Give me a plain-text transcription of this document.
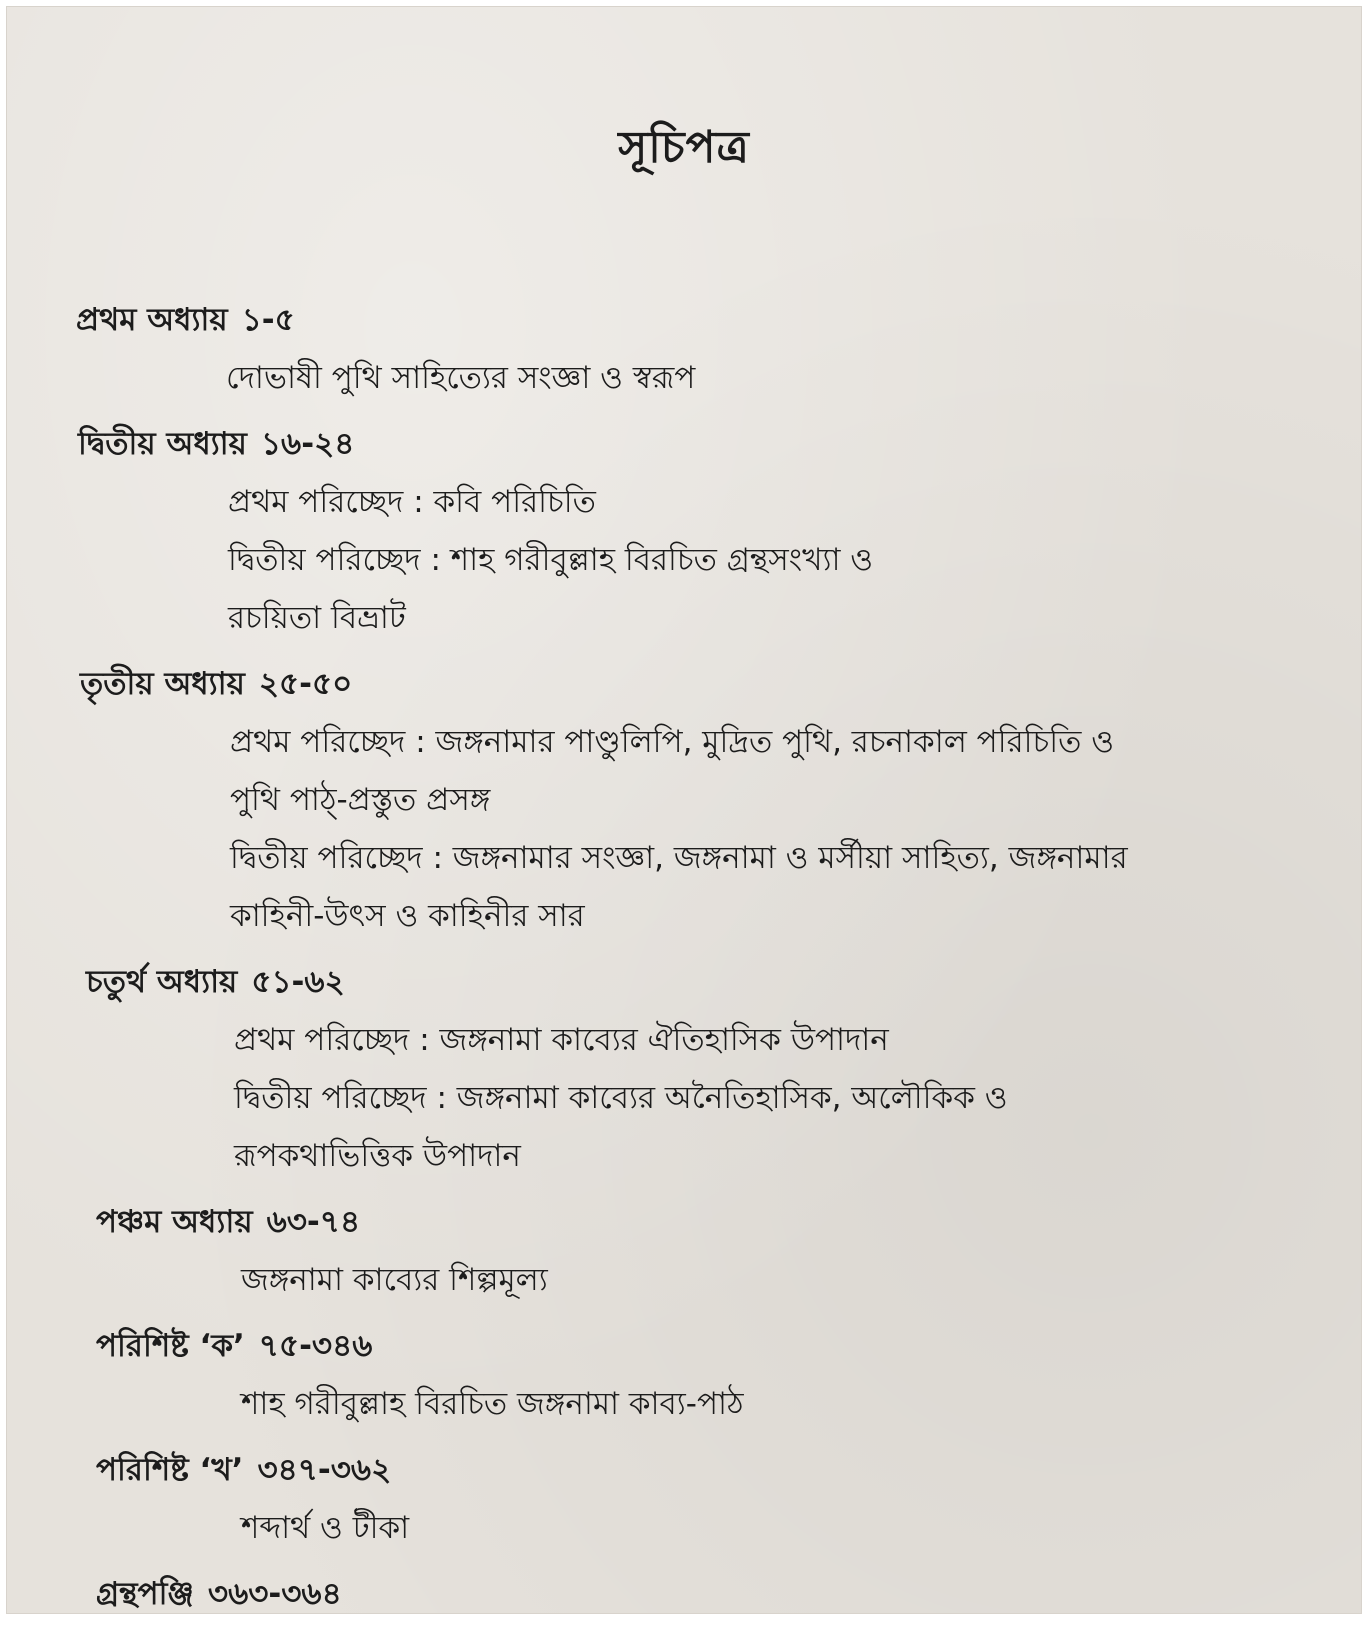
সূচিপত্র
প্রথম অধ্যায় ১-৫
দোভাষী পুথি সাহিত্যের সংজ্ঞা ও স্বরূপ
দ্বিতীয় অধ্যায় ১৬-২৪
প্রথম পরিচ্ছেদ : কবি পরিচিতি
দ্বিতীয় পরিচ্ছেদ : শাহ গরীবুল্লাহ বিরচিত গ্রন্থসংখ্যা ও
রচয়িতা বিভ্রাট
তৃতীয় অধ্যায় ২৫-৫০
প্রথম পরিচ্ছেদ : জঙ্গনামার পাণ্ডুলিপি, মুদ্রিত পুথি, রচনাকাল পরিচিতি ও
পুথি পাঠ্-প্রস্তুত প্রসঙ্গ
দ্বিতীয় পরিচ্ছেদ : জঙ্গনামার সংজ্ঞা, জঙ্গনামা ও মর্সীয়া সাহিত্য, জঙ্গনামার
কাহিনী-উৎস ও কাহিনীর সার
চতুর্থ অধ্যায় ৫১-৬২
প্রথম পরিচ্ছেদ : জঙ্গনামা কাব্যের ঐতিহাসিক উপাদান
দ্বিতীয় পরিচ্ছেদ : জঙ্গনামা কাব্যের অনৈতিহাসিক, অলৌকিক ও
রূপকথাভিত্তিক উপাদান
পঞ্চম অধ্যায় ৬৩-৭৪
জঙ্গনামা কাব্যের শিল্পমূল্য
পরিশিষ্ট ‘ক’ ৭৫-৩৪৬
শাহ গরীবুল্লাহ বিরচিত জঙ্গনামা কাব্য-পাঠ
পরিশিষ্ট ‘খ’ ৩৪৭-৩৬২
শব্দার্থ ও টীকা
গ্রন্থপঞ্জি ৩৬৩-৩৬৪
